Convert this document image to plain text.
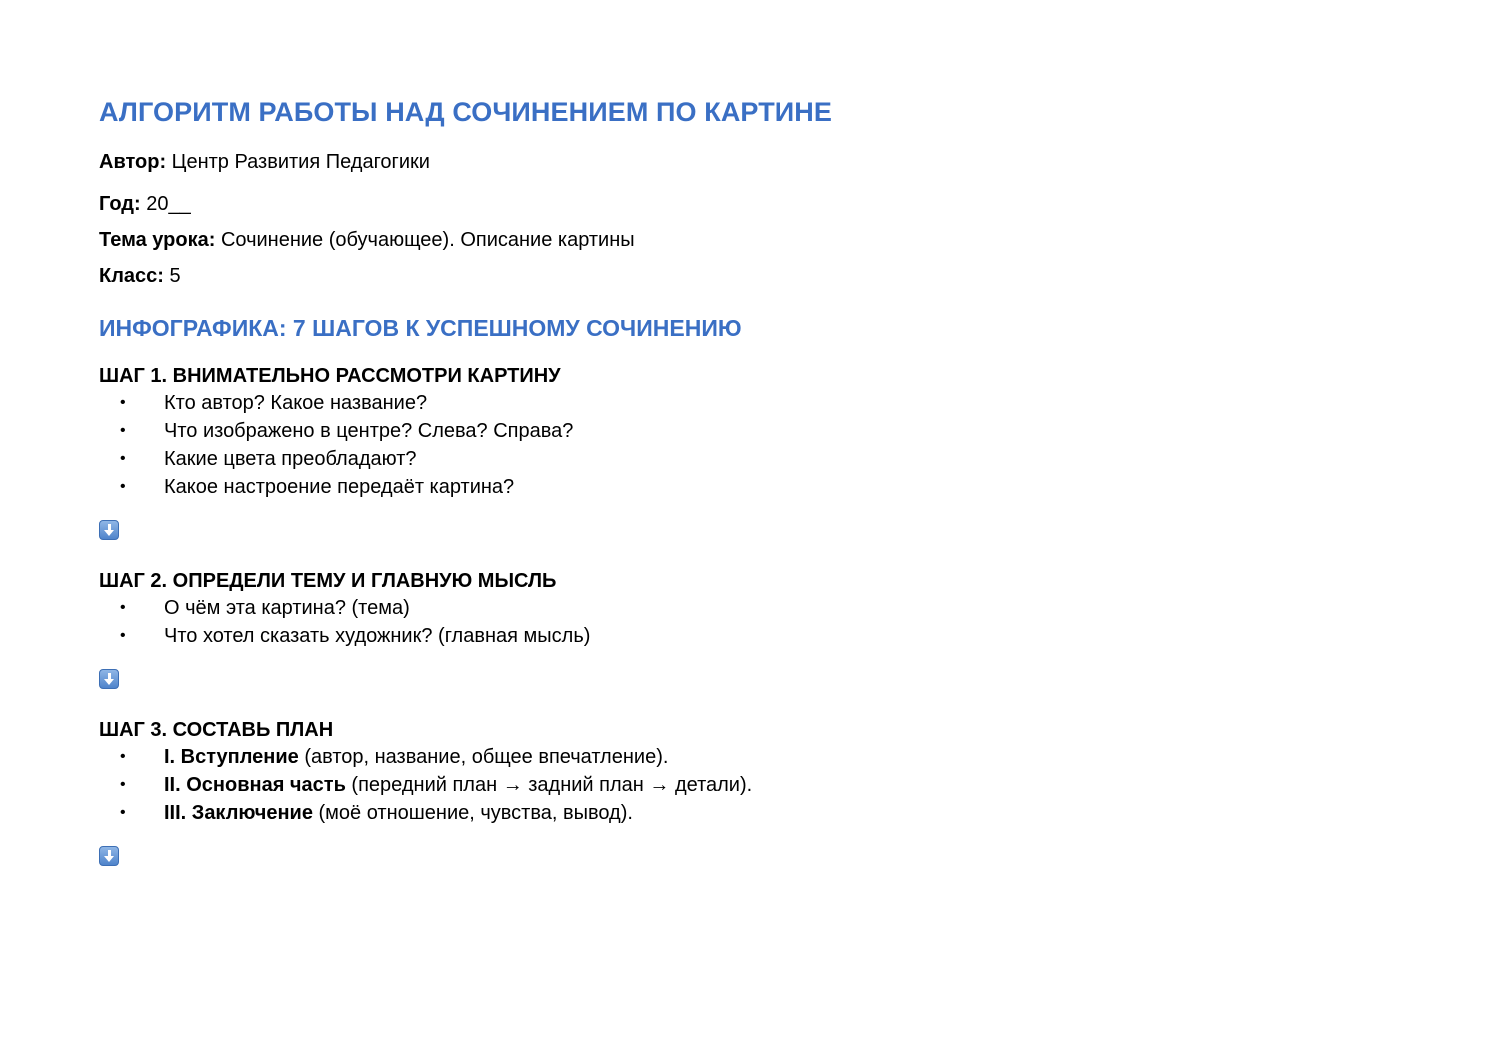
АЛГОРИТМ РАБОТЫ НАД СОЧИНЕНИЕМ ПО КАРТИНЕ

Автор: Центр Развития Педагогики

Год: 20__

Тема урока: Сочинение (обучающее). Описание картины

Класс: 5

ИНФОГРАФИКА: 7 ШАГОВ К УСПЕШНОМУ СОЧИНЕНИЮ
ШАГ 1. ВНИМАТЕЛЬНО РАССМОТРИ КАРТИНУ
• Кто автор? Какое название?
• Что изображено в центре? Слева? Справа?
• Какие цвета преобладают?
• Какое настроение передаёт картина?
ШАГ 2. ОПРЕДЕЛИ ТЕМУ И ГЛАВНУЮ МЫСЛЬ
• О чём эта картина? (тема)
• Что хотел сказать художник? (главная мысль)
ШАГ 3. СОСТАВЬ ПЛАН
• I. Вступление (автор, название, общее впечатление).
• II. Основная часть (передний план → задний план → детали).
• III. Заключение (моё отношение, чувства, вывод).
